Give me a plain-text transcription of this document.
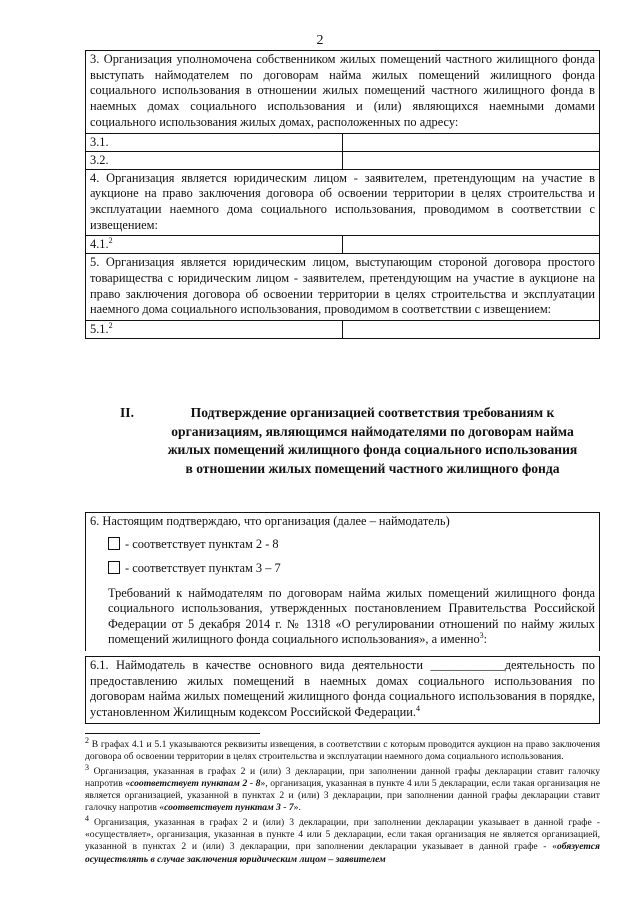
2
3. Организация уполномочена собственником жилых помещений частного жилищного фонда выступать наймодателем по договорам найма жилых помещений жилищного фонда социального использования в отношении жилых помещений частного жилищного фонда в наемных домах социального использования и (или) являющихся наемными домами социального использования жилых домах, расположенных по адресу:	
3.1.	
3.2.	
4. Организация является юридическим лицом - заявителем, претендующим на участие в аукционе на право заключения договора об освоении территории в целях строительства и эксплуатации наемного дома социального использования, проводимом в соответствии с извещением:	
4.1.$^2$	
5. Организация является юридическим лицом, выступающим стороной договора простого товарищества с юридическим лицом - заявителем, претендующим на участие в аукционе на право заключения договора об освоении территории в целях строительства и эксплуатации наемного дома социального использования, проводимом в соответствии с извещением:	
5.1.$^2$	
II.	Подтверждение организацией соответствия требованиям к организациям, являющимся наймодателями по договорам найма жилых помещений жилищного фонда социального использования в отношении жилых помещений частного жилищного фонда
6. Настоящим подтверждаю, что организация (далее – наймодатель)
- соответствует пунктам 2 - 8
- соответствует пунктам 3 – 7
Требований к наймодателям по договорам найма жилых помещений жилищного фонда социального использования, утвержденных постановлением Правительства Российской Федерации от 5 декабря 2014 г. № 1318 «О регулировании отношений по найму жилых помещений жилищного фонда социального использования», а именно$^3$:
6.1. Наймодатель в качестве основного вида деятельности ____________деятельность по предоставлению жилых помещений в наемных домах социального использования по договорам найма жилых помещений жилищного фонда социального использования в порядке, установленном Жилищным кодексом Российской Федерации.$^4$

$^2$ В графах 4.1 и 5.1 указываются реквизиты извещения, в соответствии с которым проводится аукцион на право заключения договора об освоении территории в целях строительства и эксплуатации наемного дома социального использования.

$^3$ Организация, указанная в графах 2 и (или) 3 декларации, при заполнении данной графы декларации ставит галочку напротив «соответствует пунктам 2 - 8», организация, указанная в пункте 4 или 5 декларации, если такая организация не является организацией, указанной в пунктах 2 и (или) 3 декларации, при заполнении данной графы декларации ставит галочку напротив «соответствует пунктам 3 - 7».

$^4$ Организация, указанная в графах 2 и (или) 3 декларации, при заполнении декларации указывает в данной графе - «осуществляет», организация, указанная в пункте 4 или 5 декларации, если такая организация не является организацией, указанной в пунктах 2 и (или) 3 декларации, при заполнении декларации указывает в данной графе - «обязуется осуществлять в случае заключения юридическим лицом – заявителем
